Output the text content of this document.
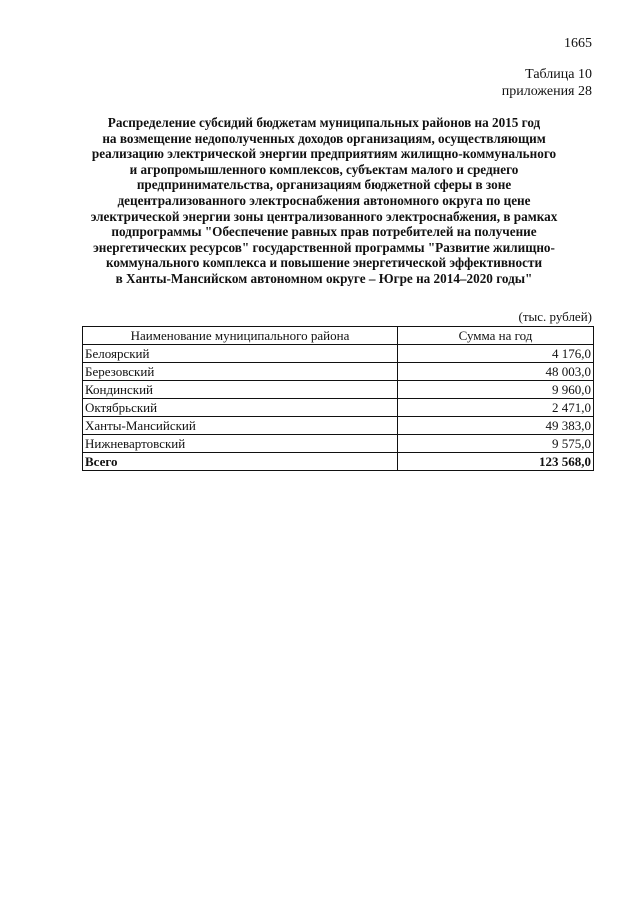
1665
Таблица 10
приложения 28
Распределение субсидий бюджетам муниципальных районов на 2015 год
на возмещение недополученных доходов организациям, осуществляющим
реализацию электрической энергии предприятиям жилищно-коммунального
и агропромышленного комплексов, субъектам малого и среднего
предпринимательства, организациям бюджетной сферы в зоне
децентрализованного электроснабжения автономного округа по цене
электрической энергии зоны централизованного электроснабжения, в рамках
подпрограммы "Обеспечение равных прав потребителей на получение
энергетических ресурсов" государственной программы "Развитие жилищно-
коммунального комплекса и повышение энергетической эффективности
в Ханты-Мансийском автономном округе – Югре на 2014–2020 годы"
(тыс. рублей)
Наименование муниципального района	Сумма на год
Белоярский	4 176,0
Березовский	48 003,0
Кондинский	9 960,0
Октябрьский	2 471,0
Ханты-Мансийский	49 383,0
Нижневартовский	9 575,0
Всего	123 568,0
